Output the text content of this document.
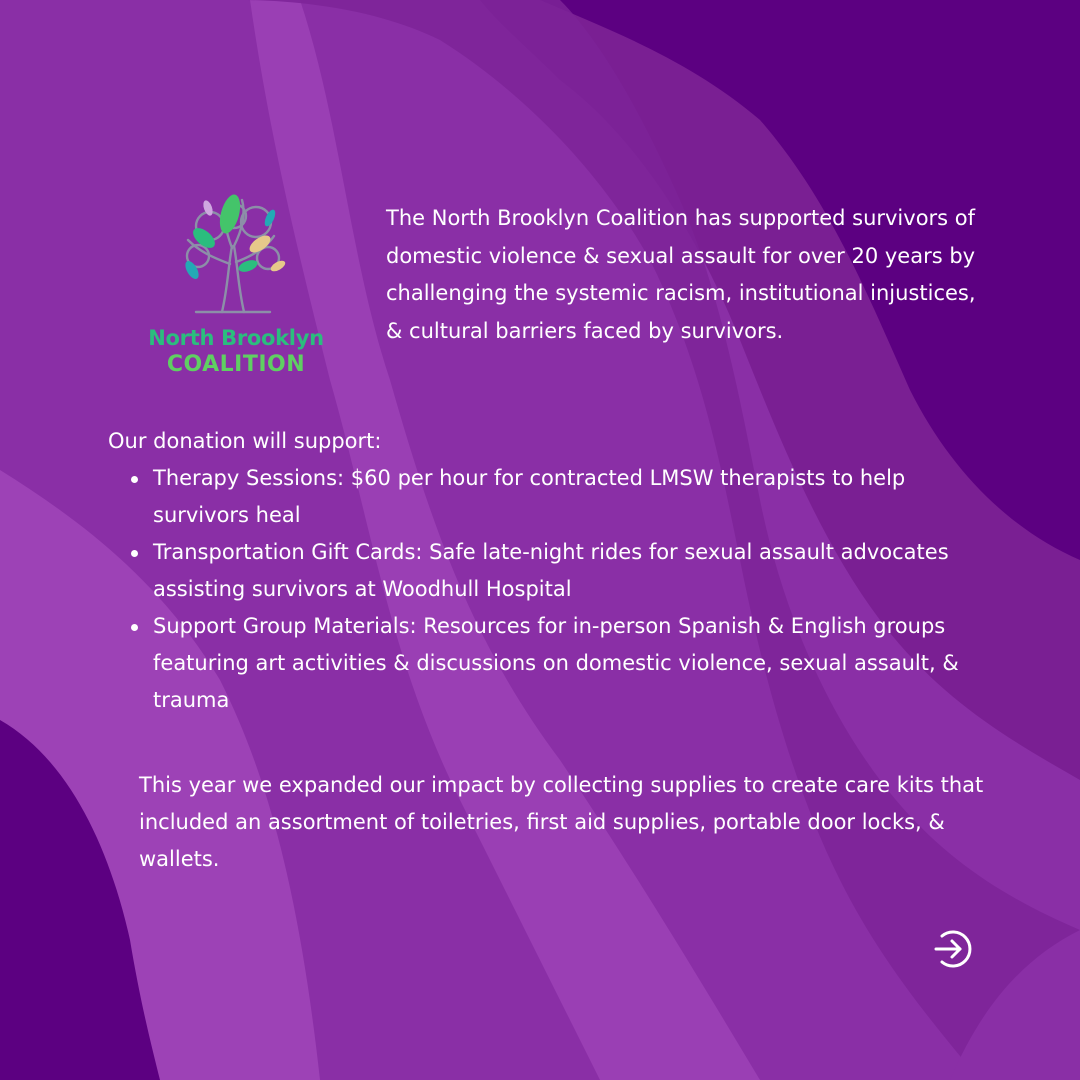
North Brooklyn
COALITION

The North Brooklyn Coalition has supported survivors of domestic violence & sexual assault for over 20 years by challenging the systemic racism, institutional injustices, & cultural barriers faced by survivors.

Our donation will support:

Therapy Sessions: $60 per hour for contracted LMSW therapists to help survivors heal
Transportation Gift Cards: Safe late-night rides for sexual assault advocates assisting survivors at Woodhull Hospital
Support Group Materials: Resources for in-person Spanish & English groups featuring art activities & discussions on domestic violence, sexual assault, & trauma

This year we expanded our impact by collecting supplies to create care kits that included an assortment of toiletries, first aid supplies, portable door locks, & wallets.
